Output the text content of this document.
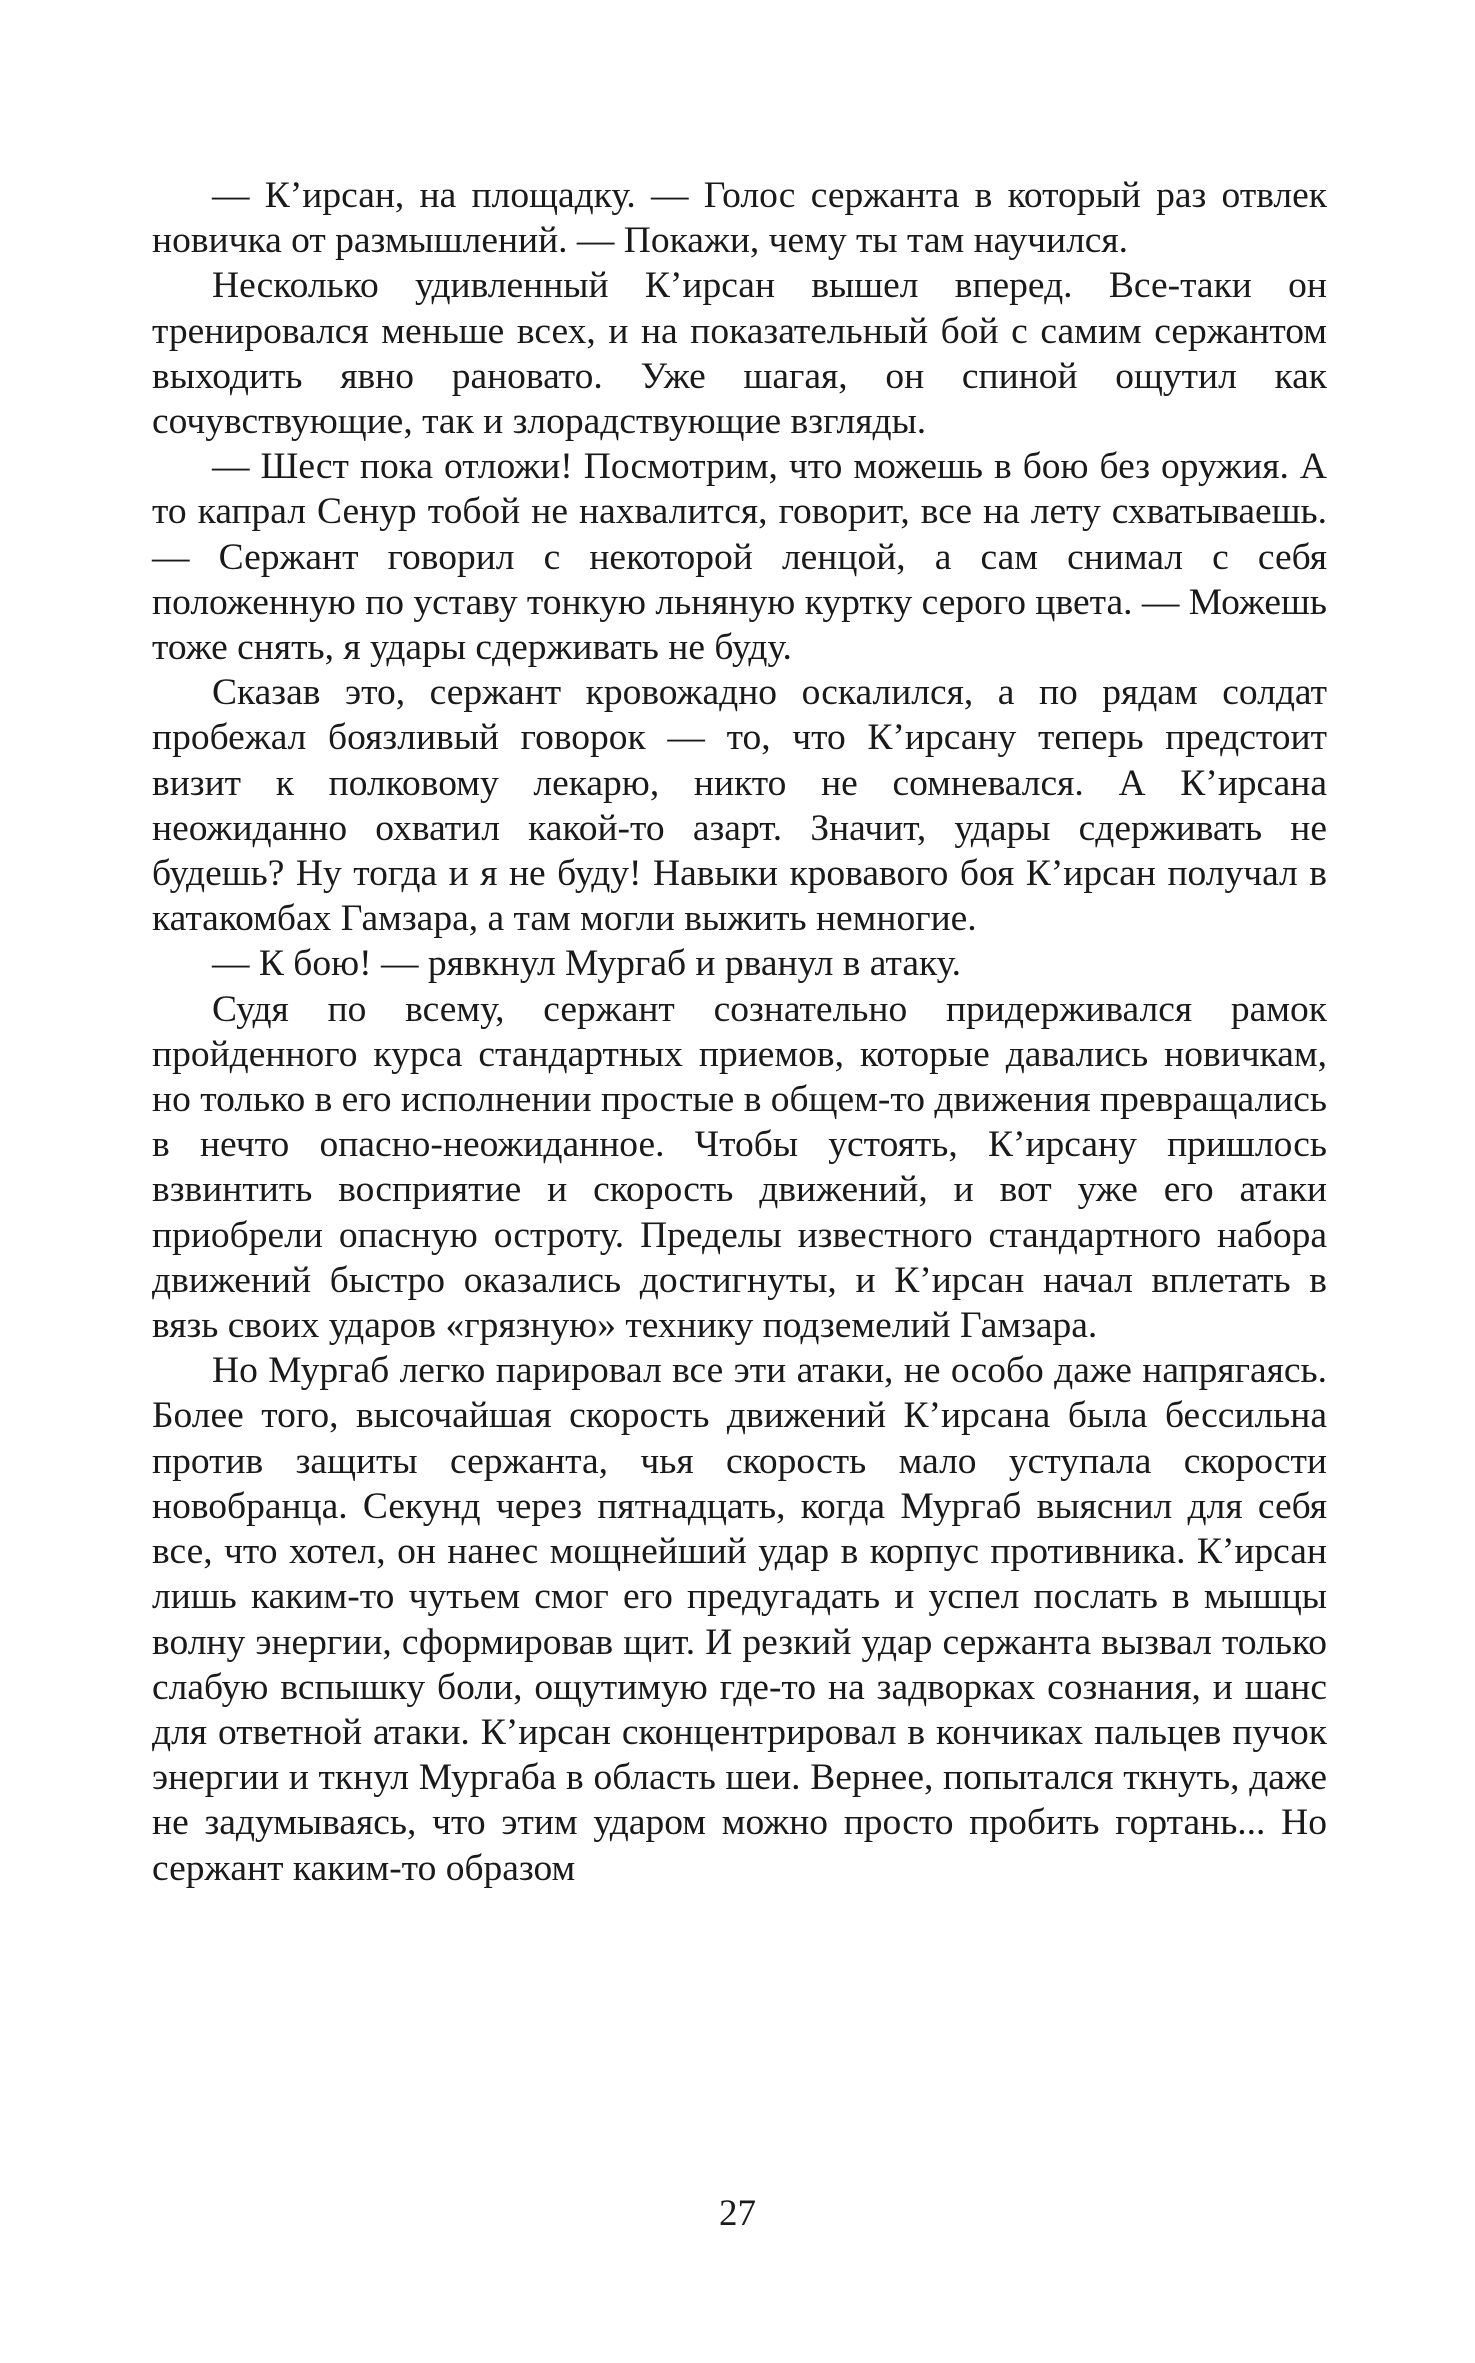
— К’ирсан, на площадку. — Голос сержанта в который раз отвлек новичка от размышлений. — Покажи, чему ты там научился.

Несколько удивленный К’ирсан вышел вперед. Все-таки он тренировался меньше всех, и на показательный бой с самим сержантом выходить явно рановато. Уже шагая, он спиной ощутил как сочувствующие, так и злорадствующие взгляды.

— Шест пока отложи! Посмотрим, что можешь в бою без оружия. А то капрал Сенур тобой не нахвалится, говорит, все на лету схватываешь. — Сержант говорил с некоторой ленцой, а сам снимал с себя положенную по уставу тонкую льняную куртку серого цвета. — Можешь тоже снять, я удары сдерживать не буду.

Сказав это, сержант кровожадно оскалился, а по рядам солдат пробежал боязливый говорок — то, что К’ирсану теперь предстоит визит к полковому лекарю, никто не сомневался. А К’ирсана неожиданно охватил какой-то азарт. Значит, удары сдерживать не будешь? Ну тогда и я не буду! Навыки кровавого боя К’ирсан получал в катакомбах Гамзара, а там могли выжить немногие.

— К бою! — рявкнул Мургаб и рванул в атаку.

Судя по всему, сержант сознательно придерживался рамок пройденного курса стандартных приемов, которые давались новичкам, но только в его исполнении простые в общем-то движения превращались в нечто опасно-неожиданное. Чтобы устоять, К’ирсану пришлось взвинтить восприятие и скорость движений, и вот уже его атаки приобрели опасную остроту. Пределы известного стандартного набора движений быстро оказались достигнуты, и К’ирсан начал вплетать в вязь своих ударов «грязную» технику подземелий Гамзара.

Но Мургаб легко парировал все эти атаки, не особо даже напрягаясь. Более того, высочайшая скорость движений К’ирсана была бессильна против защиты сержанта, чья скорость мало уступала скорости новобранца. Секунд через пятнадцать, когда Мургаб выяснил для себя все, что хотел, он нанес мощнейший удар в корпус противника. К’ирсан лишь каким-то чутьем смог его предугадать и успел послать в мышцы волну энергии, сформировав щит. И резкий удар сержанта вызвал только слабую вспышку боли, ощутимую где-то на задворках сознания, и шанс для ответной атаки. К’ирсан сконцентрировал в кончиках пальцев пучок энергии и ткнул Мургаба в область шеи. Вернее, попытался ткнуть, даже не задумываясь, что этим ударом можно просто пробить гортань... Но сержант каким-то образом

27
